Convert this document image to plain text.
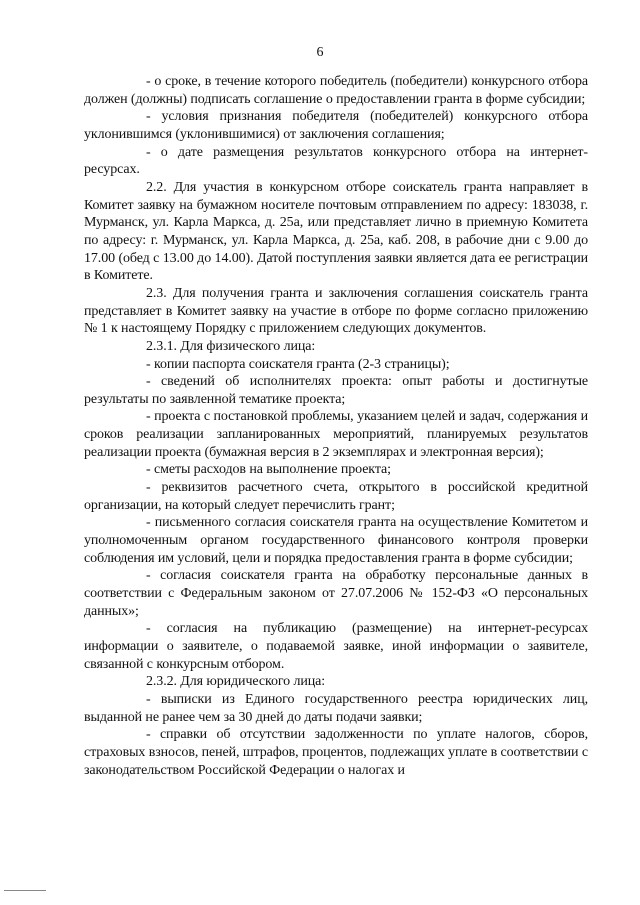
6

- о сроке, в течение которого победитель (победители) конкурсного отбора должен (должны) подписать соглашение о предоставлении гранта в форме субсидии;

- условия признания победителя (победителей) конкурсного отбора уклонившимся (уклонившимися) от заключения соглашения;

- о дате размещения результатов конкурсного отбора на интернет-ресурсах.

2.2. Для участия в конкурсном отборе соискатель гранта направляет в Комитет заявку на бумажном носителе почтовым отправлением по адресу: 183038, г. Мурманск, ул. Карла Маркса, д. 25а, или представляет лично в приемную Комитета по адресу: г. Мурманск, ул. Карла Маркса, д. 25а, каб. 208, в рабочие дни с 9.00 до 17.00 (обед с 13.00 до 14.00). Датой поступления заявки является дата ее регистрации в Комитете.

2.3. Для получения гранта и заключения соглашения соискатель гранта представляет в Комитет заявку на участие в отборе по форме согласно приложению № 1 к настоящему Порядку с приложением следующих документов.

2.3.1. Для физического лица:

- копии паспорта соискателя гранта (2-3 страницы);

- сведений об исполнителях проекта: опыт работы и достигнутые результаты по заявленной тематике проекта;

- проекта с постановкой проблемы, указанием целей и задач, содержания и сроков реализации запланированных мероприятий, планируемых результатов реализации проекта (бумажная версия в 2 экземплярах и электронная версия);

- сметы расходов на выполнение проекта;

- реквизитов расчетного счета, открытого в российской кредитной организации, на который следует перечислить грант;

- письменного согласия соискателя гранта на осуществление Комитетом и уполномоченным органом государственного финансового контроля проверки соблюдения им условий, цели и порядка предоставления гранта в форме субсидии;

- согласия соискателя гранта на обработку персональные данных в соответствии с Федеральным законом от 27.07.2006 № 152-ФЗ «О персональных данных»;

- согласия на публикацию (размещение) на интернет-ресурсах информации о заявителе, о подаваемой заявке, иной информации о заявителе, связанной с конкурсным отбором.

2.3.2. Для юридического лица:

- выписки из Единого государственного реестра юридических лиц, выданной не ранее чем за 30 дней до даты подачи заявки;

- справки об отсутствии задолженности по уплате налогов, сборов, страховых взносов, пеней, штрафов, процентов, подлежащих уплате в соответствии с законодательством Российской Федерации о налогах и
